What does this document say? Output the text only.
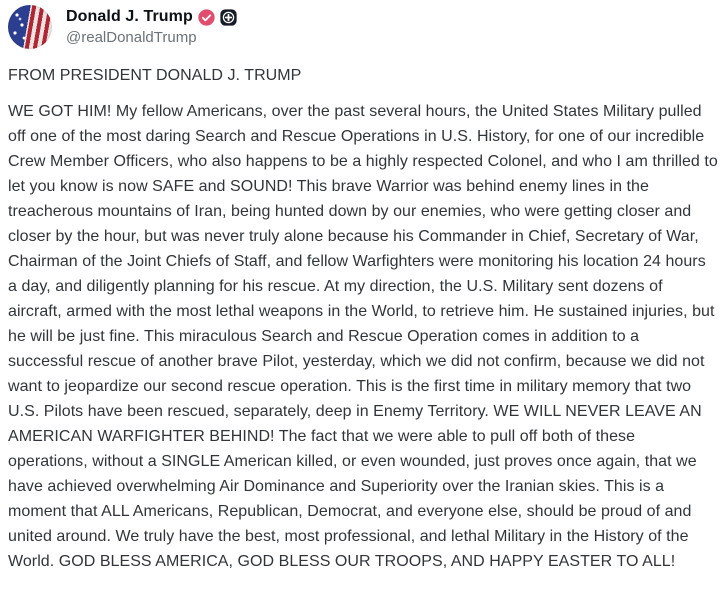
Donald J. Trump
@realDonaldTrump

FROM PRESIDENT DONALD J. TRUMP

WE GOT HIM! My fellow Americans, over the past several hours, the United States Military pulled off one of the most daring Search and Rescue Operations in U.S. History, for one of our incredible Crew Member Officers, who also happens to be a highly respected Colonel, and who I am thrilled to let you know is now SAFE and SOUND! This brave Warrior was behind enemy lines in the treacherous mountains of Iran, being hunted down by our enemies, who were getting closer and closer by the hour, but was never truly alone because his Commander in Chief, Secretary of War, Chairman of the Joint Chiefs of Staff, and fellow Warfighters were monitoring his location 24 hours a day, and diligently planning for his rescue. At my direction, the U.S. Military sent dozens of aircraft, armed with the most lethal weapons in the World, to retrieve him. He sustained injuries, but he will be just fine. This miraculous Search and Rescue Operation comes in addition to a successful rescue of another brave Pilot, yesterday, which we did not confirm, because we did not want to jeopardize our second rescue operation. This is the first time in military memory that two U.S. Pilots have been rescued, separately, deep in Enemy Territory. WE WILL NEVER LEAVE AN AMERICAN WARFIGHTER BEHIND! The fact that we were able to pull off both of these operations, without a SINGLE American killed, or even wounded, just proves once again, that we have achieved overwhelming Air Dominance and Superiority over the Iranian skies. This is a moment that ALL Americans, Republican, Democrat, and everyone else, should be proud of and united around. We truly have the best, most professional, and lethal Military in the History of the World. GOD BLESS AMERICA, GOD BLESS OUR TROOPS, AND HAPPY EASTER TO ALL!
